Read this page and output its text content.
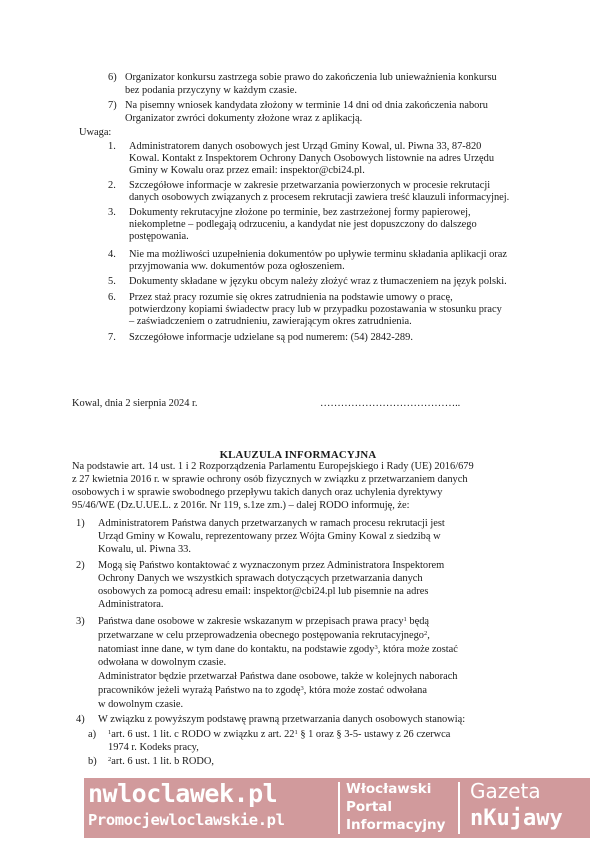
6) Organizator konkursu zastrzega sobie prawo do zakończenia lub unieważnienia konkursu
bez podania przyczyny w każdym czasie.
7) Na pisemny wniosek kandydata złożony w terminie 14 dni od dnia zakończenia naboru
Organizator zwróci dokumenty złożone wraz z aplikacją.
Uwaga:
1. Administratorem danych osobowych jest Urząd Gminy Kowal, ul. Piwna 33, 87-820
Kowal. Kontakt z Inspektorem Ochrony Danych Osobowych listownie na adres Urzędu
Gminy w Kowalu oraz przez email: inspektor@cbi24.pl.
2. Szczegółowe informacje w zakresie przetwarzania powierzonych w procesie rekrutacji
danych osobowych związanych z procesem rekrutacji zawiera treść klauzuli informacyjnej.
3. Dokumenty rekrutacyjne złożone po terminie, bez zastrzeżonej formy papierowej,
niekompletne – podlegają odrzuceniu, a kandydat nie jest dopuszczony do dalszego
postępowania.
4. Nie ma możliwości uzupełnienia dokumentów po upływie terminu składania aplikacji oraz
przyjmowania ww. dokumentów poza ogłoszeniem.
5. Dokumenty składane w języku obcym należy złożyć wraz z tłumaczeniem na język polski.
6. Przez staż pracy rozumie się okres zatrudnienia na podstawie umowy o pracę,
potwierdzony kopiami świadectw pracy lub w przypadku pozostawania w stosunku pracy
– zaświadczeniem o zatrudnieniu, zawierającym okres zatrudnienia.
7. Szczegółowe informacje udzielane są pod numerem: (54) 2842-289.
Kowal, dnia 2 sierpnia 2024 r.	…………………………………..
KLAUZULA INFORMACYJNA
Na podstawie art. 14 ust. 1 i 2 Rozporządzenia Parlamentu Europejskiego i Rady (UE) 2016/679
z 27 kwietnia 2016 r. w sprawie ochrony osób fizycznych w związku z przetwarzaniem danych
osobowych i w sprawie swobodnego przepływu takich danych oraz uchylenia dyrektywy
95/46/WE (Dz.U.UE.L. z 2016r. Nr 119, s.1ze zm.) – dalej RODO informuję, że:
1) Administratorem Państwa danych przetwarzanych w ramach procesu rekrutacji jest
Urząd Gminy w Kowalu, reprezentowany przez Wójta Gminy Kowal z siedzibą w
Kowalu, ul. Piwna 33.
2) Mogą się Państwo kontaktować z wyznaczonym przez Administratora Inspektorem
Ochrony Danych we wszystkich sprawach dotyczących przetwarzania danych
osobowych za pomocą adresu email: inspektor@cbi24.pl lub pisemnie na adres
Administratora.
3) Państwa dane osobowe w zakresie wskazanym w przepisach prawa pracy$^1$ będą
przetwarzane w celu przeprowadzenia obecnego postępowania rekrutacyjnego$^2$,
natomiast inne dane, w tym dane do kontaktu, na podstawie zgody$^3$, która może zostać
odwołana w dowolnym czasie.
Administrator będzie przetwarzał Państwa dane osobowe, także w kolejnych naborach
pracowników jeżeli wyrażą Państwo na to zgodę$^3$, która może zostać odwołana
w dowolnym czasie.
4) W związku z powyższym podstawę prawną przetwarzania danych osobowych stanowią:
a) $^1$art. 6 ust. 1 lit. c RODO w związku z art. $22^1$ § 1 oraz § 3-5- ustawy z 26 czerwca
1974 r. Kodeks pracy,
b) $^2$art. 6 ust. 1 lit. b RODO,
nwloclawek.pl
Promocjewloclawskie.pl
Włocławski
Portal
Informacyjny
Gazeta
nKujawy
